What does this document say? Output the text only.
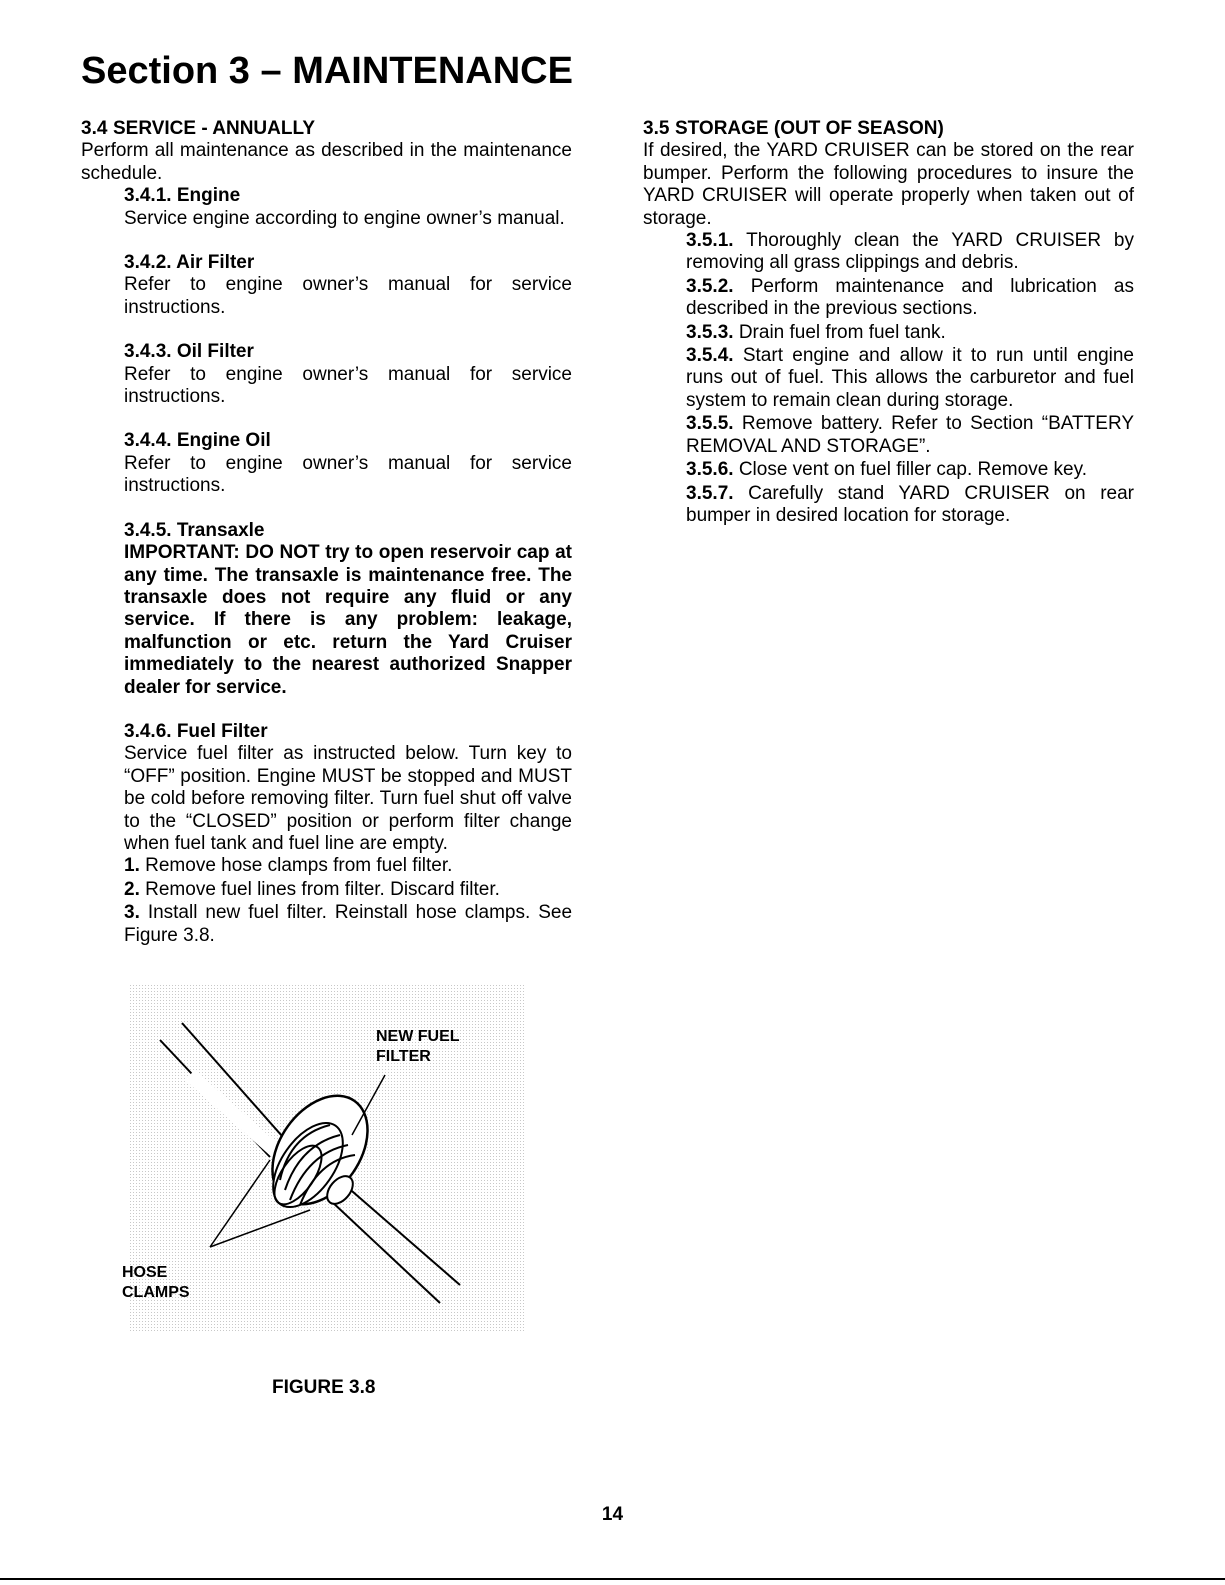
Section 3 – MAINTENANCE
3.4 SERVICE - ANNUALLY

Perform all maintenance as described in the maintenance schedule.

3.4.1. Engine

Service engine according to engine owner’s manual.

3.4.2. Air Filter

Refer to engine owner’s manual for service instructions.

3.4.3. Oil Filter

Refer to engine owner’s manual for service instructions.

3.4.4. Engine Oil

Refer to engine owner’s manual for service instructions.

3.4.5. Transaxle

IMPORTANT: DO NOT try to open reservoir cap at any time. The transaxle is maintenance free. The transaxle does not require any fluid or any service. If there is any problem: leakage, malfunction or etc. return the Yard Cruiser immediately to the nearest authorized Snapper dealer for service.

3.4.6. Fuel Filter

Service fuel filter as instructed below. Turn key to “OFF” position. Engine MUST be stopped and MUST be cold before removing filter. Turn fuel shut off valve to the “CLOSED” position or perform filter change when fuel tank and fuel line are empty.

1. Remove hose clamps from fuel filter.
2. Remove fuel lines from filter. Discard filter.
3. Install new fuel filter. Reinstall hose clamps. See Figure 3.8.
3.5 STORAGE (OUT OF SEASON)

If desired, the YARD CRUISER can be stored on the rear bumper. Perform the following procedures to insure the YARD CRUISER will operate properly when taken out of storage.

3.5.1. Thoroughly clean the YARD CRUISER by removing all grass clippings and debris.

3.5.2. Perform maintenance and lubrication as described in the previous sections.

3.5.3. Drain fuel from fuel tank.

3.5.4. Start engine and allow it to run until engine runs out of fuel. This allows the carburetor and fuel system to remain clean during storage.

3.5.5. Remove battery. Refer to Section “BATTERY REMOVAL AND STORAGE”.

3.5.6. Close vent on fuel filler cap. Remove key.

3.5.7. Carefully stand YARD CRUISER on rear bumper in desired location for storage.

NEW FUEL
FILTER
HOSE
CLAMPS
FIGURE 3.8
14
